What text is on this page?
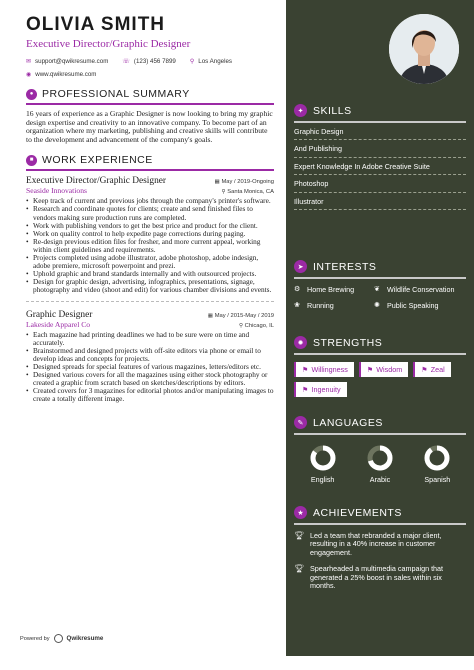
OLIVIA SMITH
Executive Director/Graphic Designer
✉ support@qwikresume.com ☏ (123) 456 7899 ⚲ Los Angeles
◉ www.qwikresume.com
● PROFESSIONAL SUMMARY

16 years of experience as a Graphic Designer is now looking to bring my graphic design expertise and creativity to an innovative company. To become part of an organization where my marketing, publishing and creative skills will contribute to the development and advancement of the company's goals.

■ WORK EXPERIENCE
Executive Director/Graphic Designer	▦ May / 2019-Ongoing
Seaside Innovations	⚲ Santa Monica, CA
• Keep track of current and previous jobs through the company's printer's software.
• Research and coordinate quotes for clients; create and send finished files to vendors making sure production runs are completed.
• Work with publishing vendors to get the best price and product for the client.
• Work on quality control to help expedite page corrections during paging.
• Re-design previous edition files for fresher, and more current appeal, working within client guidelines and requirements.
• Projects completed using adobe illustrator, adobe photoshop, adobe indesign, adobe premiere, microsoft powerpoint and prezi.
• Uphold graphic and brand standards internally and with outsourced projects.
• Design for graphic design, advertising, infographics, presentations, signage, photography and video (shoot and edit) for various chamber divisions and events.
Graphic Designer	▦ May / 2015-May / 2019
Lakeside Apparel Co	⚲ Chicago, IL
• Each magazine had printing deadlines we had to be sure were on time and accurately.
• Brainstormed and designed projects with off-site editors via phone or email to develop ideas and concepts for projects.
• Designed spreads for special features of various magazines, letters/editors etc.
• Designed various covers for all the magazines using either stock photography or created a graphic from scratch based on sketches/descriptions by editors.
• Created covers for 3 magazines for editorial photos and/or manipulating images to create a totally different image.
Powered by	Qwikresume
✦ SKILLS
Graphic Design
And Publishing
Expert Knowledge In Adobe Creative Suite
Photoshop
Illustrator
➤ INTERESTS
⚙ Home Brewing	❦ Wildlife Conservation
❀ Running	✺ Public Speaking
✹ STRENGTHS
⚑ Willingness	⚑ Wisdom	⚑ Zeal
⚑ Ingenuity
✎ LANGUAGES
English	Arabic	Spanish
★ ACHIEVEMENTS
🏆︎ Led a team that rebranded a major client, resulting in a 40% increase in customer engagement.
🏆︎ Spearheaded a multimedia campaign that generated a 25% boost in sales within six months.
